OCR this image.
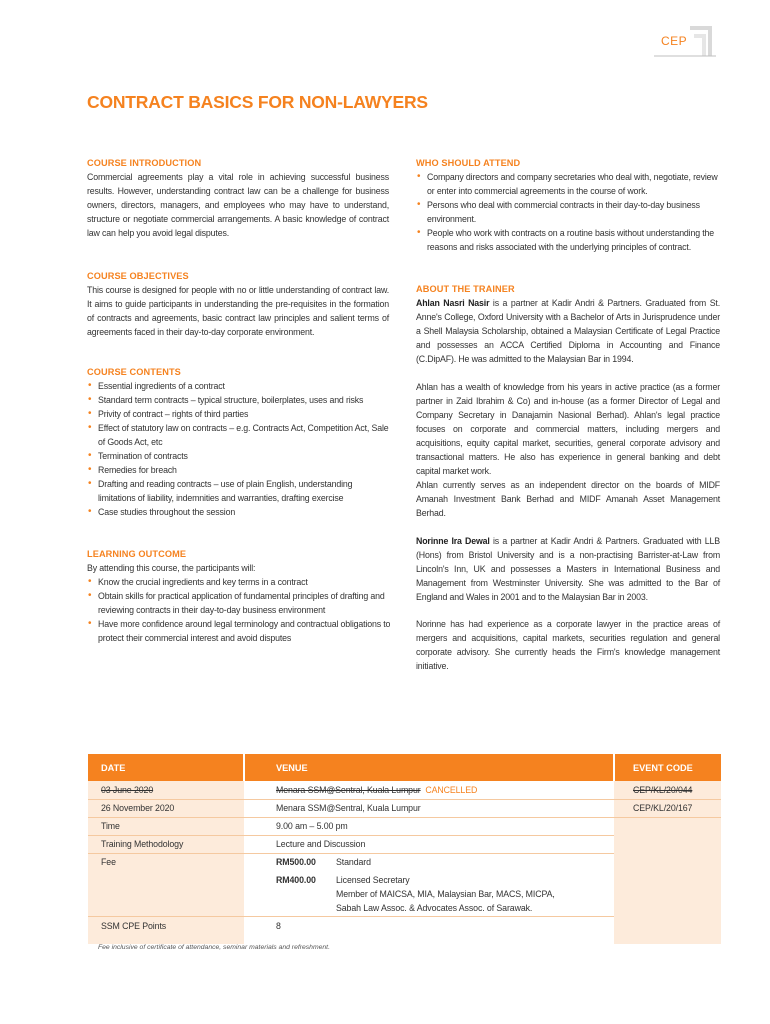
CEP
CONTRACT BASICS FOR NON-LAWYERS
COURSE INTRODUCTION
Commercial agreements play a vital role in achieving successful business results. However, understanding contract law can be a challenge for business owners, directors, managers, and employees who may have to understand, structure or negotiate commercial arrangements. A basic knowledge of contract law can help you avoid legal disputes.
COURSE OBJECTIVES
This course is designed for people with no or little understanding of contract law. It aims to guide participants in understanding the pre-requisites in the formation of contracts and agreements, basic contract law principles and salient terms of agreements faced in their day-to-day corporate environment.
COURSE CONTENTS
• Essential ingredients of a contract
• Standard term contracts – typical structure, boilerplates, uses and risks
• Privity of contract – rights of third parties
• Effect of statutory law on contracts – e.g. Contracts Act, Competition Act, Sale of Goods Act, etc
• Termination of contracts
• Remedies for breach
• Drafting and reading contracts – use of plain English, understanding limitations of liability, indemnities and warranties, drafting exercise
• Case studies throughout the session
LEARNING OUTCOME
By attending this course, the participants will:
• Know the crucial ingredients and key terms in a contract
• Obtain skills for practical application of fundamental principles of drafting and reviewing contracts in their day-to-day business environment
• Have more confidence around legal terminology and contractual obligations to protect their commercial interest and avoid disputes
WHO SHOULD ATTEND
• Company directors and company secretaries who deal with, negotiate, review or enter into commercial agreements in the course of work.
• Persons who deal with commercial contracts in their day-to-day business environment.
• People who work with contracts on a routine basis without understanding the reasons and risks associated with the underlying principles of contract.
ABOUT THE TRAINER
Ahlan Nasri Nasir is a partner at Kadir Andri & Partners. Graduated from St. Anne's College, Oxford University with a Bachelor of Arts in Jurisprudence under a Shell Malaysia Scholarship, obtained a Malaysian Certificate of Legal Practice and possesses an ACCA Certified Diploma in Accounting and Finance (C.DipAF). He was admitted to the Malaysian Bar in 1994.
Ahlan has a wealth of knowledge from his years in active practice (as a former partner in Zaid Ibrahim & Co) and in-house (as a former Director of Legal and Company Secretary in Danajamin Nasional Berhad). Ahlan's legal practice focuses on corporate and commercial matters, including mergers and acquisitions, equity capital market, securities, general corporate advisory and transactional matters. He also has experience in general banking and debt capital market work.
Ahlan currently serves as an independent director on the boards of MIDF Amanah Investment Bank Berhad and MIDF Amanah Asset Management Berhad.
Norinne Ira Dewal is a partner at Kadir Andri & Partners. Graduated with LLB (Hons) from Bristol University and is a non-practising Barrister-at-Law from Lincoln's Inn, UK and possesses a Masters in International Business and Management from Westminster University. She was admitted to the Bar of England and Wales in 2001 and to the Malaysian Bar in 2003.
Norinne has had experience as a corporate lawyer in the practice areas of mergers and acquisitions, capital markets, securities regulation and general corporate advisory. She currently heads the Firm's knowledge management initiative.
DATE	VENUE	EVENT CODE
03 June 2020	Menara SSM@Sentral, Kuala Lumpur CANCELLED	CEP/KL/20/044
26 November 2020	Menara SSM@Sentral, Kuala Lumpur	CEP/KL/20/167
Time	9.00 am – 5.00 pm
Training Methodology	Lecture and Discussion
Fee	RM500.00 Standard
RM400.00 Licensed Secretary
Member of MAICSA, MIA, Malaysian Bar, MACS, MICPA,
Sabah Law Assoc. & Advocates Assoc. of Sarawak.
SSM CPE Points	8
Fee inclusive of certificate of attendance, seminar materials and refreshment.
